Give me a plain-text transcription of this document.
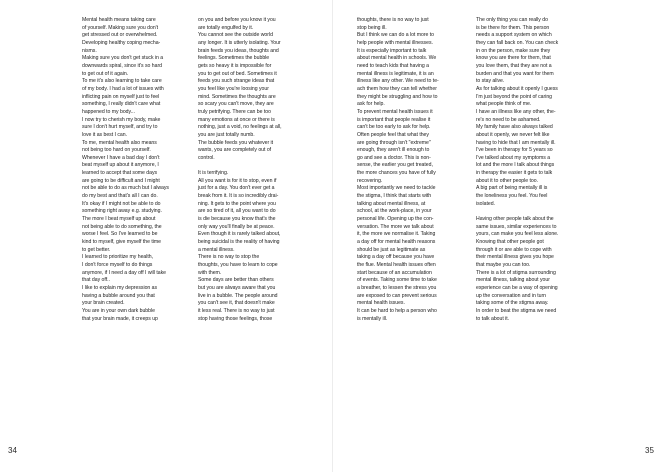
Mental health means taking care

of yourself. Making sure you don't

get stressed out or overwhelmed.

Developing healthy coping mecha-

nisms.

Making sure you don't get stuck in a

downwards spiral, since it's so hard

to get out of it again.

To me it's also learning to take care

of my body. I had a lot of issues with

inflicting pain on myself just to feel

something, I really didn't care what

happened to my body...

I now try to cherish my body, make

sure I don't hurt myself, and try to

love it as best I can.

To me, mental health also means

not being too hard on yourself.

Whenever I have a bad day I don't

beat myself up about it anymore, I

learned to accept that some days

are going to be difficult and I might

not be able to do as much but I always

do my best and that's all I can do.

It's okay if I might not be able to do

something right away e.g. studying.

The more I beat myself up about

not being able to do something, the

worse I feel. So I've learned to be

kind to myself, give myself the time

to get better.

I learned to prioritize my health,

I don't force myself to do things

anymore, if I need a day off I will take

that day off..

I like to explain my depression as

having a bubble around you that

your brain created.

You are in your own dark bubble

that your brain made, it creeps up

on you and before you know it you

are totally engulfed by it.

You cannot see the outside world

any longer. It is utterly isolating. Your

brain feeds you ideas, thoughts and

feelings. Sometimes the bubble

gets so heavy it is impossible for

you to get out of bed. Sometimes it

feeds you such strange ideas that

you feel like you're loosing your

mind. Sometimes the thoughts are

so scary you can't move, they are

truly petrifying. There can be too

many emotions at once or there is

nothing, just a void, no feelings at all,

you are just totally numb.

The bubble feeds you whatever it

wants, you are completely out of

control.

It is terrifying.

All you want is for it to stop, even if

just for a day. You don't ever get a

break from it. It is so incredibly drai-

ning. It gets to the point where you

are so tired of it, all you want to do

is die because you know that's the

only way you'll finally be at peace.

Even though it is rarely talked about,

being suicidal is the reality of having

a mental illness.

There is no way to stop the

thoughts, you have to learn to cope

with them.

Some days are better than others

but you are always aware that you

live in a bubble. The people around

you can't see it, that doesn't make

it less real. There is no way to just

stop having those feelings, those

thoughts, there is no way to just

stop being ill.

But I think we can do a lot more to

help people with mental illnesses.

It is especially important to talk

about mental health in schools. We

need to teach kids that having a

mental illness is legitimate, it is an

illness like any other. We need to te-

ach them how they can tell whether

they might be struggling and how to

ask for help.

To prevent mental health issues it

is important that people realise it

can't be too early to ask for help.

Often people feel that what they

are going through isn't "extreme"

enough, they aren't ill enough to

go and see a doctor. This is non-

sense, the earlier you get treated,

the more chances you have of fully

recovering.

Most importantly we need to tackle

the stigma, I think that starts with

talking about mental illness, at

school, at the work-place, in your

personal life. Opening up the con-

versation. The more we talk about

it, the more we normalise it. Taking

a day off for mental health reasons

should be just as legitimate as

taking a day off because you have

the flue. Mental health issues often

start because of an accumulation

of events. Taking some time to take

a breather, to lessen the stress you

are exposed to can prevent serious

mental health issues.

It can be hard to help a person who

is mentally ill.

The only thing you can really do

is be there for them. This person

needs a support system on which

they can fall back on. You can check

in on the person, make sure they

know you are there for them, that

you love them, that they are not a

burden and that you want for them

to stay alive.

As for talking about it openly I guess

I'm just beyond the point of caring

what people think of me.

I have an illness like any other, the-

re's no need to be ashamed.

My family have also always talked

about it openly, we never felt like

having to hide that I am mentally ill.

I've been in therapy for 5 years so

I've talked about my symptoms a

lot and the more I talk about things

in therapy the easier it gets to talk

about it to other people too.

A big part of being mentally ill is

the loneliness you feel. You feel

isolated.

Having other people talk about the

same issues, similar experiences to

yours, can make you feel less alone.

Knowing that other people got

through it or are able to cope with

their mental illness gives you hope

that maybe you can too.

There is a lot of stigma surrounding

mental illness, talking about your

experience can be a way of opening

up the conversation and in turn

taking some of the stigma away.

In order to beat the stigma we need

to talk about it.

34	35
